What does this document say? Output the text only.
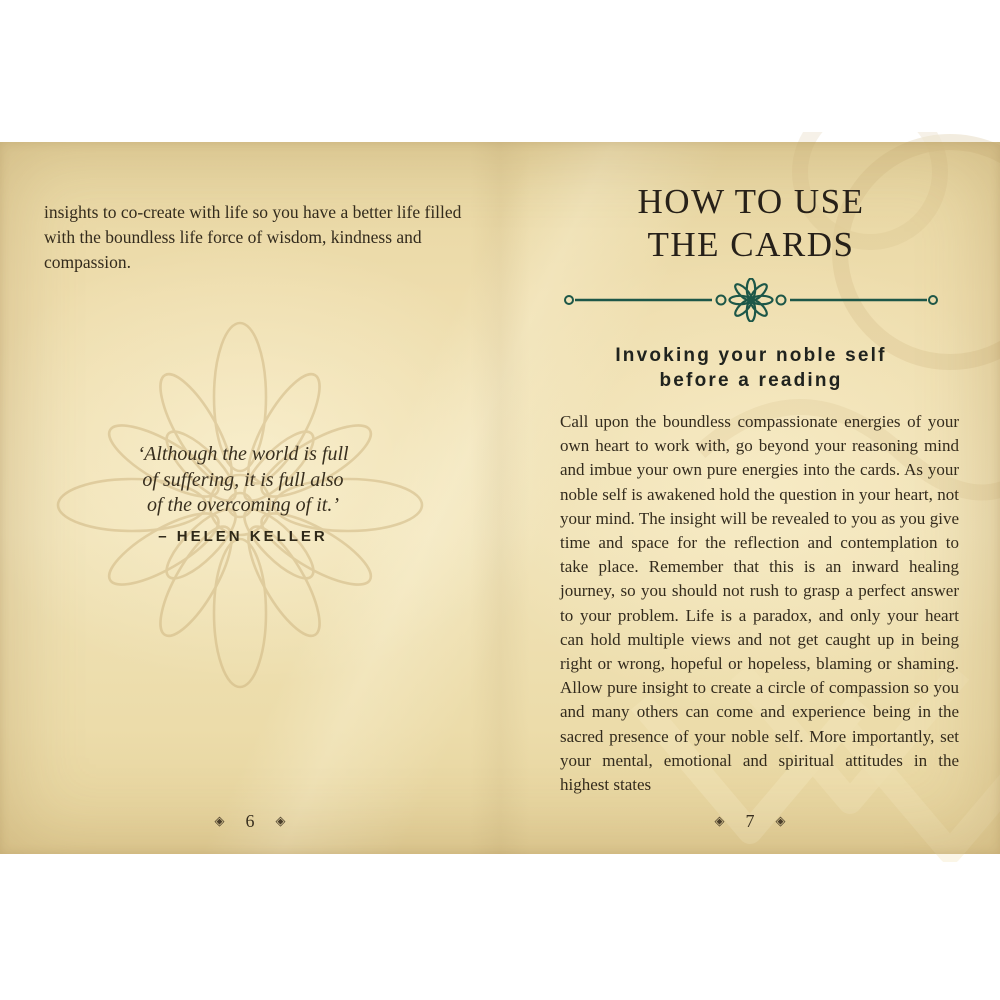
insights to co-create with life so you have a better life filled with the boundless life force of wisdom, kindness and compassion.

‘Although the world is full
of suffering, it is full also
of the overcoming of it.’
– HELEN KELLER
◈ 6 ◈
HOW TO USE
THE CARDS
Invoking your noble self
before a reading

Call upon the boundless compassionate energies of your own heart to work with, go beyond your reasoning mind and imbue your own pure energies into the cards. As your noble self is awakened hold the question in your heart, not your mind. The insight will be revealed to you as you give time and space for the reflection and contemplation to take place. Remember that this is an inward healing journey, so you should not rush to grasp a perfect answer to your problem. Life is a paradox, and only your heart can hold multiple views and not get caught up in being right or wrong, hopeful or hopeless, blaming or shaming. Allow pure insight to create a circle of compassion so you and many others can come and experience being in the sacred presence of your noble self. More importantly, set your mental, emotional and spiritual attitudes in the highest states

◈ 7 ◈
